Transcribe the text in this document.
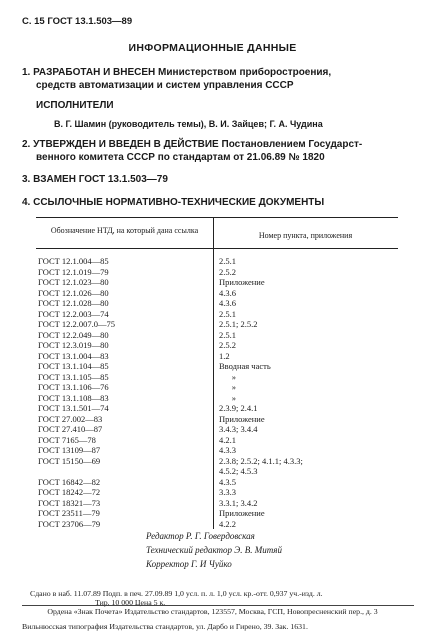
С. 15 ГОСТ 13.1.503—89
ИНФОРМАЦИОННЫЕ ДАННЫЕ
1. РАЗРАБОТАН И ВНЕСЕН Министерством приборостроения,
средств автоматизации и систем управления СССР
ИСПОЛНИТЕЛИ
В. Г. Шамин (руководитель темы), В. И. Зайцев; Г. А. Чудина
2. УТВЕРЖДЕН И ВВЕДЕН В ДЕЙСТВИЕ Постановлением Государст-
венного комитета СССР по стандартам от 21.06.89 № 1820
3. ВЗАМЕН ГОСТ 13.1.503—79
4. ССЫЛОЧНЫЕ НОРМАТИВНО-ТЕХНИЧЕСКИЕ ДОКУМЕНТЫ
Обозначение НТД, на который дана ссылка
Номер пункта, приложения
ГОСТ 12.1.004—85	2.5.1
ГОСТ 12.1.019—79	2.5.2
ГОСТ 12.1.023—80	Приложение
ГОСТ 12.1.026—80	4.3.6
ГОСТ 12.1.028—80	4.3.6
ГОСТ 12.2.003—74	2.5.1
ГОСТ 12.2.007.0—75	2.5.1; 2.5.2
ГОСТ 12.2.049—80	2.5.1
ГОСТ 12.3.019—80	2.5.2
ГОСТ 13.1.004—83	1.2
ГОСТ 13.1.104—85	Вводная часть
ГОСТ 13.1.105—85	»
ГОСТ 13.1.106—76	»
ГОСТ 13.1.108—83	»
ГОСТ 13.1.501—74	2.3.9; 2.4.1
ГОСТ 27.002—83	Приложение
ГОСТ 27.410—87	3.4.3; 3.4.4
ГОСТ 7165—78	4.2.1
ГОСТ 13109—87	4.3.3
ГОСТ 15150—69	2.3.8; 2.5.2; 4.1.1; 4.3.3;
4.5.2; 4.5.3
ГОСТ 16842—82	4.3.5
ГОСТ 18242—72	3.3.3
ГОСТ 18321—73	3.3.1; 3.4.2
ГОСТ 23511—79	Приложение
ГОСТ 23706—79	4.2.2
Редактор Р. Г. Говердовская
Технический редактор Э. В. Митяй
Корректор Г. И Чуйко
Сдано в наб. 11.07.89 Подп. в печ. 27.09.89 1,0 усл. п. л. 1,0 усл. кр.-отт. 0,937 уч.-изд. л.
Тир. 10 000 Цена 5 к.
Ордена «Знак Почета» Издательство стандартов, 123557, Москва, ГСП, Новопресненский пер., д. 3
Вильнюсская типография Издательства стандартов, ул. Дарбо и Гирено, 39. Зак. 1631.
